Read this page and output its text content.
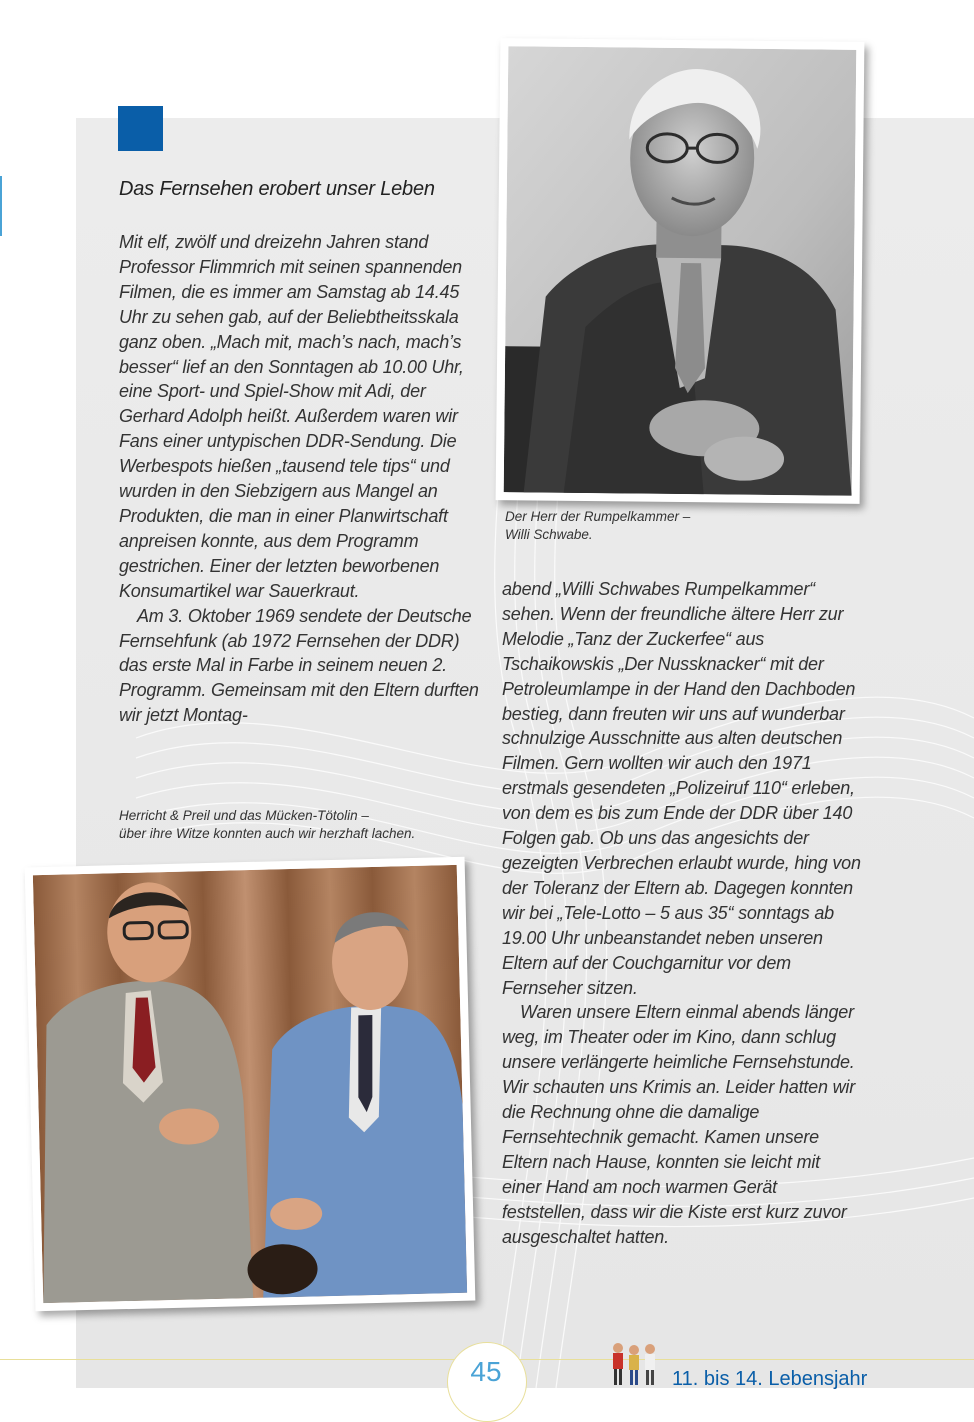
Das Fernsehen erobert unser Leben

Mit elf, zwölf und dreizehn Jahren stand Professor Flimmrich mit seinen spannenden Filmen, die es immer am Samstag ab 14.45 Uhr zu sehen gab, auf der Beliebtheitsskala ganz oben. „Mach mit, mach’s nach, mach’s besser“ lief an den Sonntagen ab 10.00 Uhr, eine Sport- und Spiel-Show mit Adi, der Gerhard Adolph heißt. Außerdem waren wir Fans einer untypischen DDR-Sendung. Die Werbespots hießen „tausend tele tips“ und wurden in den Siebzigern aus Mangel an Produkten, die man in einer Planwirtschaft anpreisen konnte, aus dem Programm gestrichen. Einer der letzten beworbenen Konsumartikel war Sauerkraut.

Am 3. Oktober 1969 sendete der Deutsche Fernsehfunk (ab 1972 Fernsehen der DDR) das erste Mal in Farbe in seinem neuen 2. Programm. Gemeinsam mit den Eltern durften wir jetzt Montag-

abend „Willi Schwabes Rumpelkammer“ sehen. Wenn der freundliche ältere Herr zur Melodie „Tanz der Zuckerfee“ aus Tschaikowskis „Der Nussknacker“ mit der Petroleumlampe in der Hand den Dachboden bestieg, dann freuten wir uns auf wunderbar schnulzige Ausschnitte aus alten deutschen Filmen. Gern wollten wir auch den 1971 erstmals gesendeten „Polizeiruf 110“ erleben, von dem es bis zum Ende der DDR über 140 Folgen gab. Ob uns das angesichts der gezeigten Verbrechen erlaubt wurde, hing von der Toleranz der Eltern ab. Dagegen konnten wir bei „Tele-Lotto – 5 aus 35“ sonntags ab 19.00 Uhr unbeanstandet neben unseren Eltern auf der Couchgarnitur vor dem Fernseher sitzen.

Waren unsere Eltern einmal abends länger weg, im Theater oder im Kino, dann schlug unsere verlängerte heimliche Fernsehstunde. Wir schauten uns Krimis an. Leider hatten wir die Rechnung ohne die damalige Fernsehtechnik gemacht. Kamen unsere Eltern nach Hause, konnten sie leicht mit einer Hand am noch warmen Gerät feststellen, dass wir die Kiste erst kurz zuvor ausgeschaltet hatten.

Der Herr der Rumpelkammer –
Willi Schwabe.
Herricht & Preil und das Mücken-Tötolin –
über ihre Witze konnten auch wir herzhaft lachen.
45	11. bis 14. Lebensjahr
